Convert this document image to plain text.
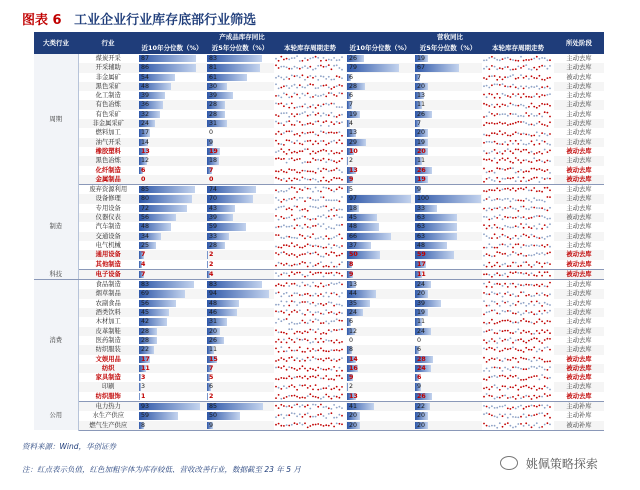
图表 6 工业企业行业库存底部行业筛选
大类行业	行业	产成品库存同比			营收同比			所处阶段
		近10年分位数（%）	近5年分位数（%）	本轮库存周期走势	近10年分位数（%）	近5年分位数（%）	本轮库存周期走势	
周期	煤炭开采	87	83		26	19		主动去库
	开采辅助	86	81		79	67		主动去库
	非金属矿	54	61		6	7		被动去库
	黑色采矿	48	30		28	20		主动去库
	化工制造	39	39		6	13		主动去库
	有色冶炼	36	28		7	11		主动去库
	有色采矿	32	28		19	26		主动去库
	非金属采矿	24	31		4	7		主动去库
	燃料加工	17	0		13	20		主动去库
	油气开采	14	9		29	19		主动去库
	橡胶塑料	13	19		10	20		被动去库
	黑色冶炼	12	18		2	11		主动去库
	化纤制造	6	7		13	26		被动去库
	金属制品	0	0		9	19		被动去库
制造	废弃资源利用	85	74		5	9		主动去库
	设备修理	80	70		97	100		主动去库
	专用设备	72	43		18	33		主动去库
	仪器仪表	56	39		45	63		被动去库
	汽车制造	48	59		48	63		主动去库
	交通设备	34	33		66	63		主动去库
	电气机械	25	28		37	48		主动去库
	通用设备	7	2		50	59		被动去库
	其他制造	4	2		8	17		被动去库
科技	电子设备	7	4		9	11		被动去库
消费	食品制造	83	83		13	24		主动去库
	烟草制品	69	94		44	20		主动去库
	农副食品	56	48		35	39		主动去库
	酒类饮料	45	46		24	19		主动去库
	木材加工	42	31		6	11		主动去库
	皮革制鞋	28	20		12	24		主动去库
	医药制造	28	26		0	0		主动去库
	纺织服装	22	11		8	6		主动去库
	文娱用品	17	15		14	28		被动去库
	纺织	11	7		16	24		被动去库
	家具制造	3	5		9	6		被动去库
	印刷	3	6		2	9		主动去库
	纺织服饰	1	2		13	26		被动去库
公用	电力热力	93	85		41	22		主动补库
	水生产供应	59	50		20	20		主动补库
	燃气生产供应	8	9		20	20		被动补库
资料来源：Wind，华创证券
注：红点表示负值，红色加粗字体为库存较低、营收改善行业，数据截至 23 年 5 月	姚佩策略探索
